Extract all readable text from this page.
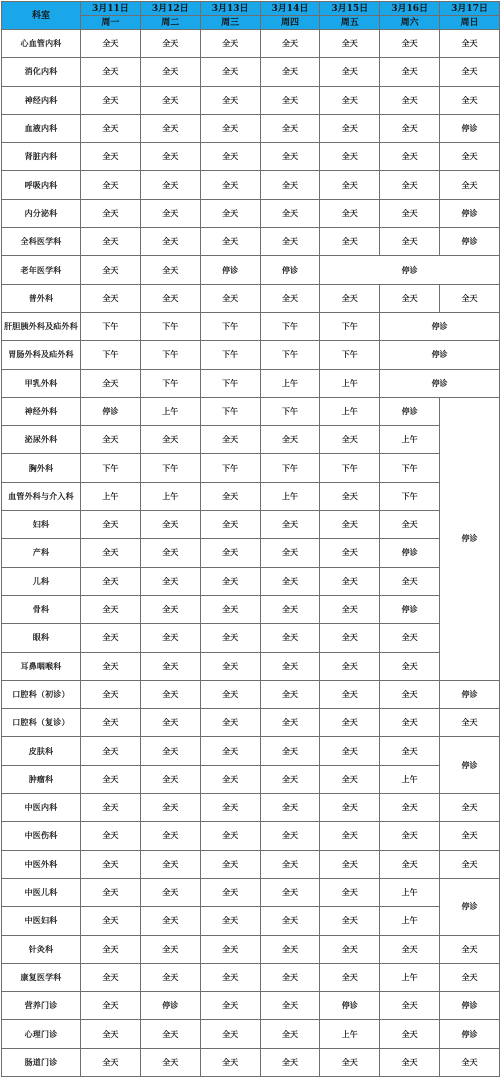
科室	3月11日	3月12日	3月13日	3月14日	3月15日	3月16日	3月17日
	周一	周二	周三	周四	周五	周六	周日
心血管内科	全天	全天	全天	全天	全天	全天	全天
消化内科	全天	全天	全天	全天	全天	全天	全天
神经内科	全天	全天	全天	全天	全天	全天	全天
血液内科	全天	全天	全天	全天	全天	全天	停诊
肾脏内科	全天	全天	全天	全天	全天	全天	全天
呼吸内科	全天	全天	全天	全天	全天	全天	全天
内分泌科	全天	全天	全天	全天	全天	全天	停诊
全科医学科	全天	全天	全天	全天	全天	全天	停诊
老年医学科	全天	全天	停诊	停诊	停诊		
普外科	全天	全天	全天	全天	全天	全天	全天
肝胆胰外科及疝外科	下午	下午	下午	下午	下午	停诊	
胃肠外科及疝外科	下午	下午	下午	下午	下午	停诊	
甲乳外科	全天	下午	下午	上午	上午	停诊	
神经外科	停诊	上午	下午	下午	上午	停诊	停诊
泌尿外科	全天	全天	全天	全天	全天	上午	
胸外科	下午	下午	下午	下午	下午	下午	
血管外科与介入科	上午	上午	全天	上午	全天	下午	
妇科	全天	全天	全天	全天	全天	全天	
产科	全天	全天	全天	全天	全天	停诊	
儿科	全天	全天	全天	全天	全天	全天	
骨科	全天	全天	全天	全天	全天	停诊	
眼科	全天	全天	全天	全天	全天	全天	
耳鼻咽喉科	全天	全天	全天	全天	全天	全天	
口腔科（初诊）	全天	全天	全天	全天	全天	全天	停诊
口腔科（复诊）	全天	全天	全天	全天	全天	全天	全天
皮肤科	全天	全天	全天	全天	全天	全天	停诊
肿瘤科	全天	全天	全天	全天	全天	上午	
中医内科	全天	全天	全天	全天	全天	全天	全天
中医伤科	全天	全天	全天	全天	全天	全天	全天
中医外科	全天	全天	全天	全天	全天	全天	全天
中医儿科	全天	全天	全天	全天	全天	上午	停诊
中医妇科	全天	全天	全天	全天	全天	上午	
针灸科	全天	全天	全天	全天	全天	全天	全天
康复医学科	全天	全天	全天	全天	全天	上午	全天
营养门诊	全天	停诊	全天	全天	停诊	全天	停诊
心理门诊	全天	全天	全天	全天	上午	全天	停诊
肠道门诊	全天	全天	全天	全天	全天	全天	全天
